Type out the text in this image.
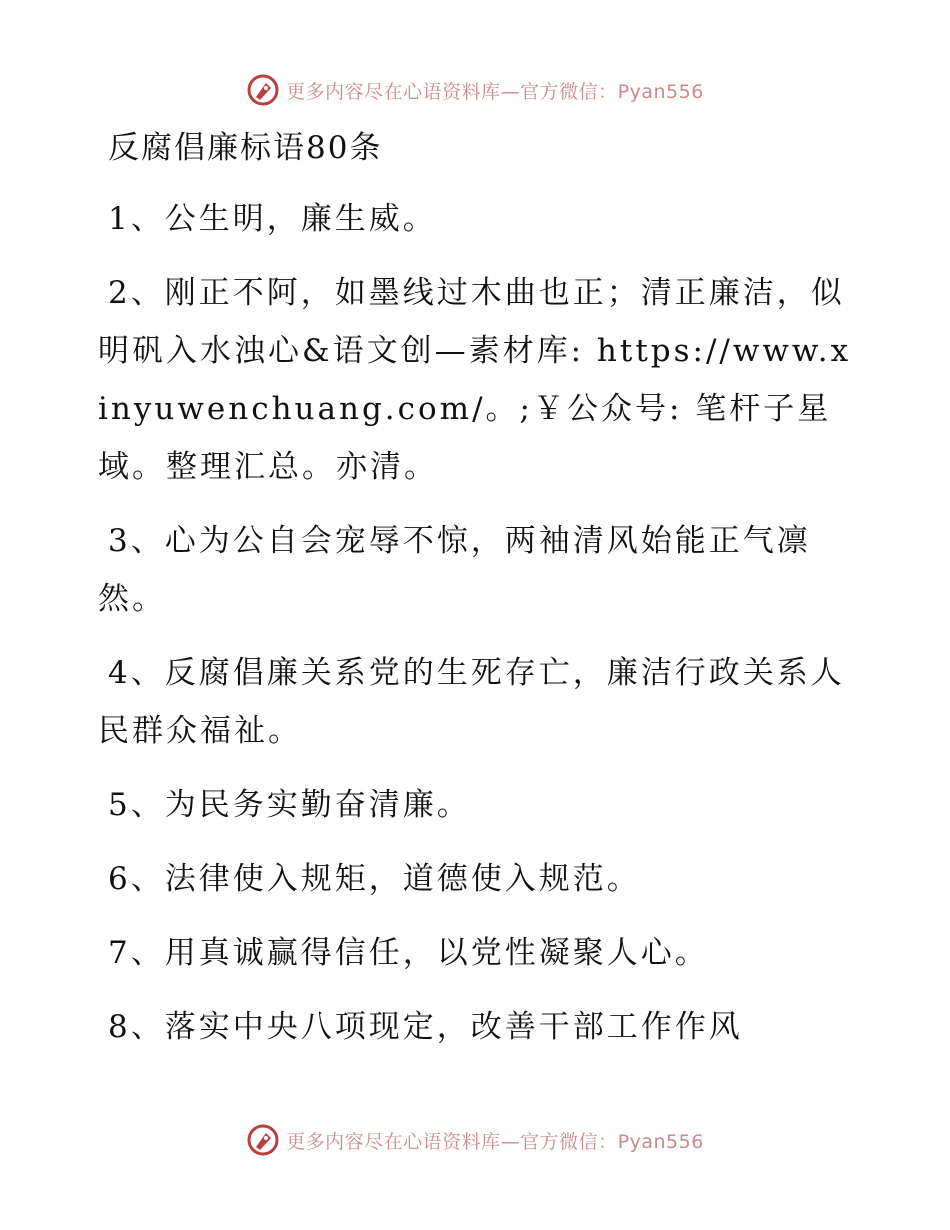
更多内容尽在心语资料库—官方微信：Pyan556
反腐倡廉标语80条

1、公生明，廉生威。

2、刚正不阿，如墨线过木曲也正；清正廉洁，似明矾入水浊心&语文创—素材库: https://www.xinyuwenchuang.com/。;￥公众号: 笔杆子星域。整理汇总。亦清。

3、心为公自会宠辱不惊，两袖清风始能正气凛然。

4、反腐倡廉关系党的生死存亡，廉洁行政关系人民群众福祉。

5、为民务实勤奋清廉。

6、法律使入规矩，道德使入规范。

7、用真诚赢得信任，以党性凝聚人心。

8、落实中央八项现定，改善干部工作作风

更多内容尽在心语资料库—官方微信：Pyan556
